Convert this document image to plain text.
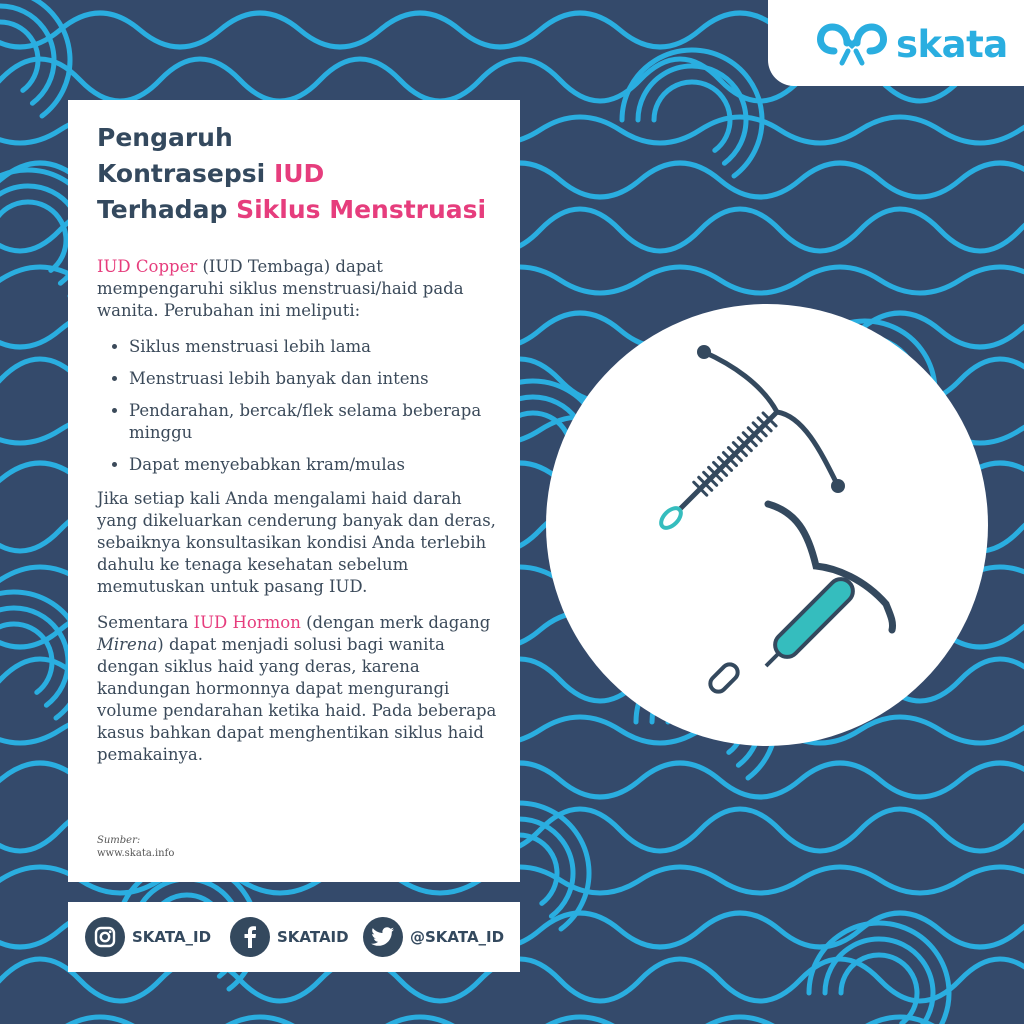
skata
Pengaruh
Kontrasepsi IUD
Terhadap Siklus Menstruasi

IUD Copper (IUD Tembaga) dapat mempengaruhi siklus menstruasi/haid pada wanita. Perubahan ini meliputi:

• Siklus menstruasi lebih lama
• Menstruasi lebih banyak dan intens
• Pendarahan, bercak/flek selama beberapa minggu
• Dapat menyebabkan kram/mulas

Jika setiap kali Anda mengalami haid darah yang dikeluarkan cenderung banyak dan deras, sebaiknya konsultasikan kondisi Anda terlebih dahulu ke tenaga kesehatan sebelum memutuskan untuk pasang IUD.

Sementara IUD Hormon (dengan merk dagang Mirena) dapat menjadi solusi bagi wanita dengan siklus haid yang deras, karena kandungan hormonnya dapat mengurangi volume pendarahan ketika haid. Pada beberapa kasus bahkan dapat menghentikan siklus haid pemakainya.

Sumber:
www.skata.info
SKATA_ID	SKATAID	@SKATA_ID
